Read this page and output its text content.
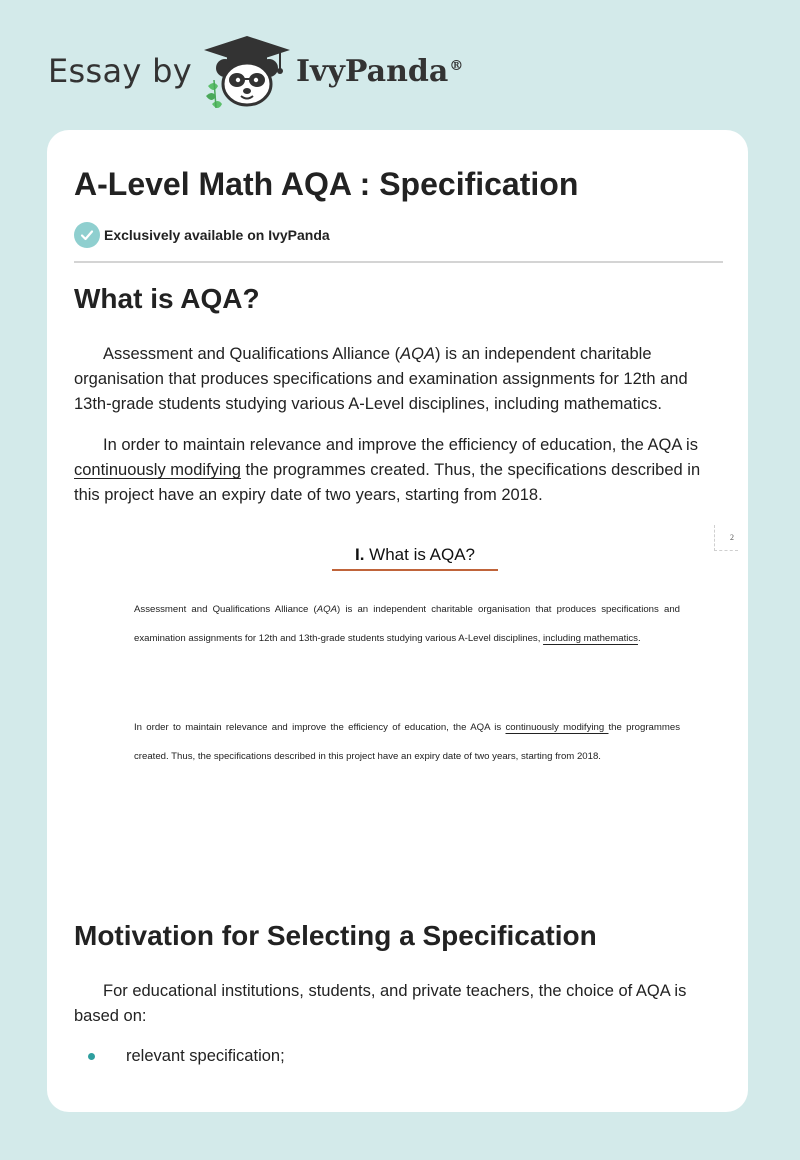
Essay by	IvyPanda®
A-Level Math AQA : Specification
Exclusively available on IvyPanda
What is AQA?

Assessment and Qualifications Alliance (AQA) is an independent charitable organisation that produces specifications and examination assignments for 12th and 13th-grade students studying various A-Level disciplines, including mathematics.

In order to maintain relevance and improve the efficiency of education, the AQA is continuously modifying the programmes created. Thus, the specifications described in this project have an expiry date of two years, starting from 2018.

2
I. What is AQA?

Assessment and Qualifications Alliance (AQA) is an independent charitable organisation that produces specifications and examination assignments for 12th and 13th-grade students studying various A-Level disciplines, including mathematics.

In order to maintain relevance and improve the efficiency of education, the AQA is continuously modifying the programmes created. Thus, the specifications described in this project have an expiry date of two years, starting from 2018.

Motivation for Selecting a Specification

For educational institutions, students, and private teachers, the choice of AQA is based on:

relevant specification;
